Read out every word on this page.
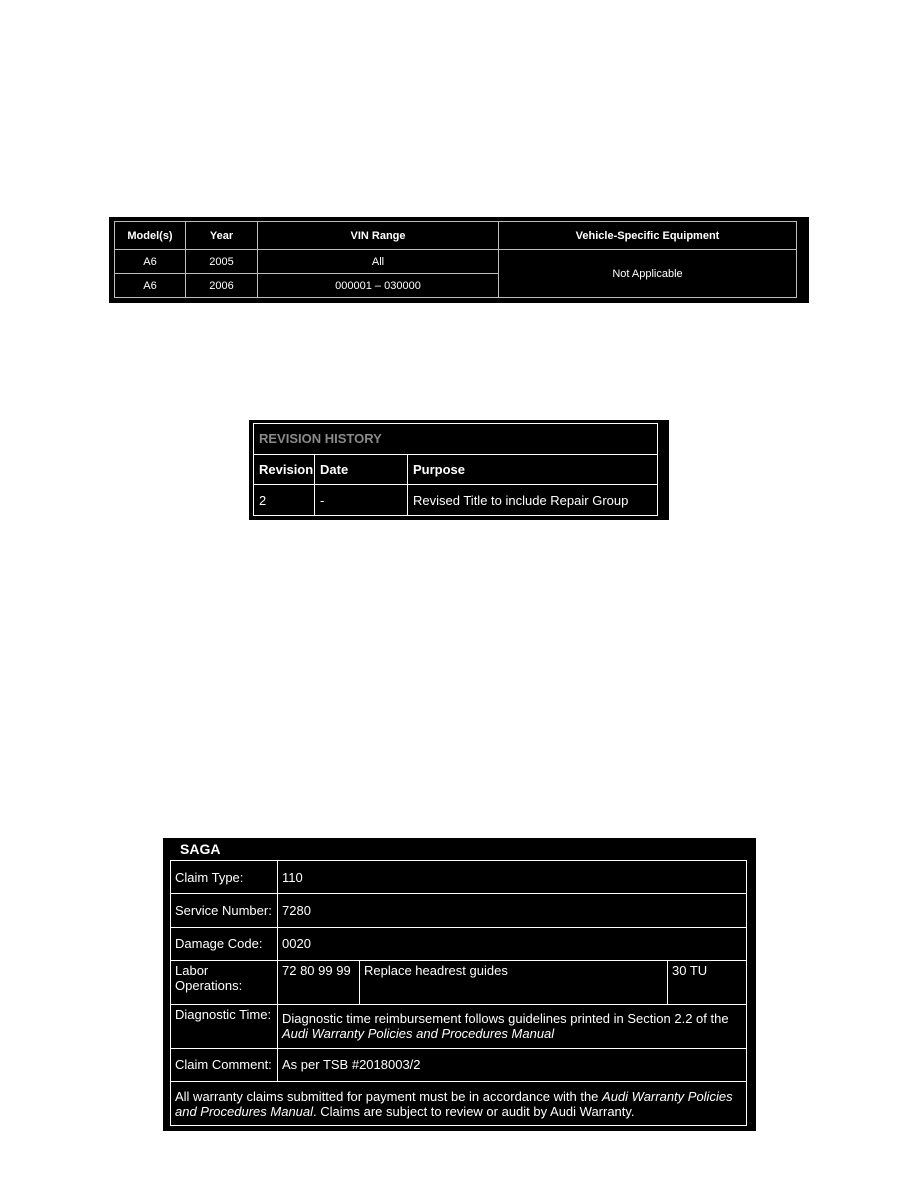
Model(s)	Year	VIN Range	Vehicle-Specific Equipment
A6	2005	All	Not Applicable
A6	2006	000001 – 030000	
REVISION HISTORY		
Revision	Date	Purpose
2	-	Revised Title to include Repair Group
SAGA
Claim Type:	110		
Service Number:	7280		
Damage Code:	0020		
Labor Operations:	72 80 99 99	Replace headrest guides	30 TU
Diagnostic Time:	Diagnostic time reimbursement follows guidelines printed in Section 2.2 of the Audi Warranty Policies and Procedures Manual		
Claim Comment:	As per TSB #2018003/2		
All warranty claims submitted for payment must be in accordance with the Audi Warranty Policies and Procedures Manual. Claims are subject to review or audit by Audi Warranty.			
